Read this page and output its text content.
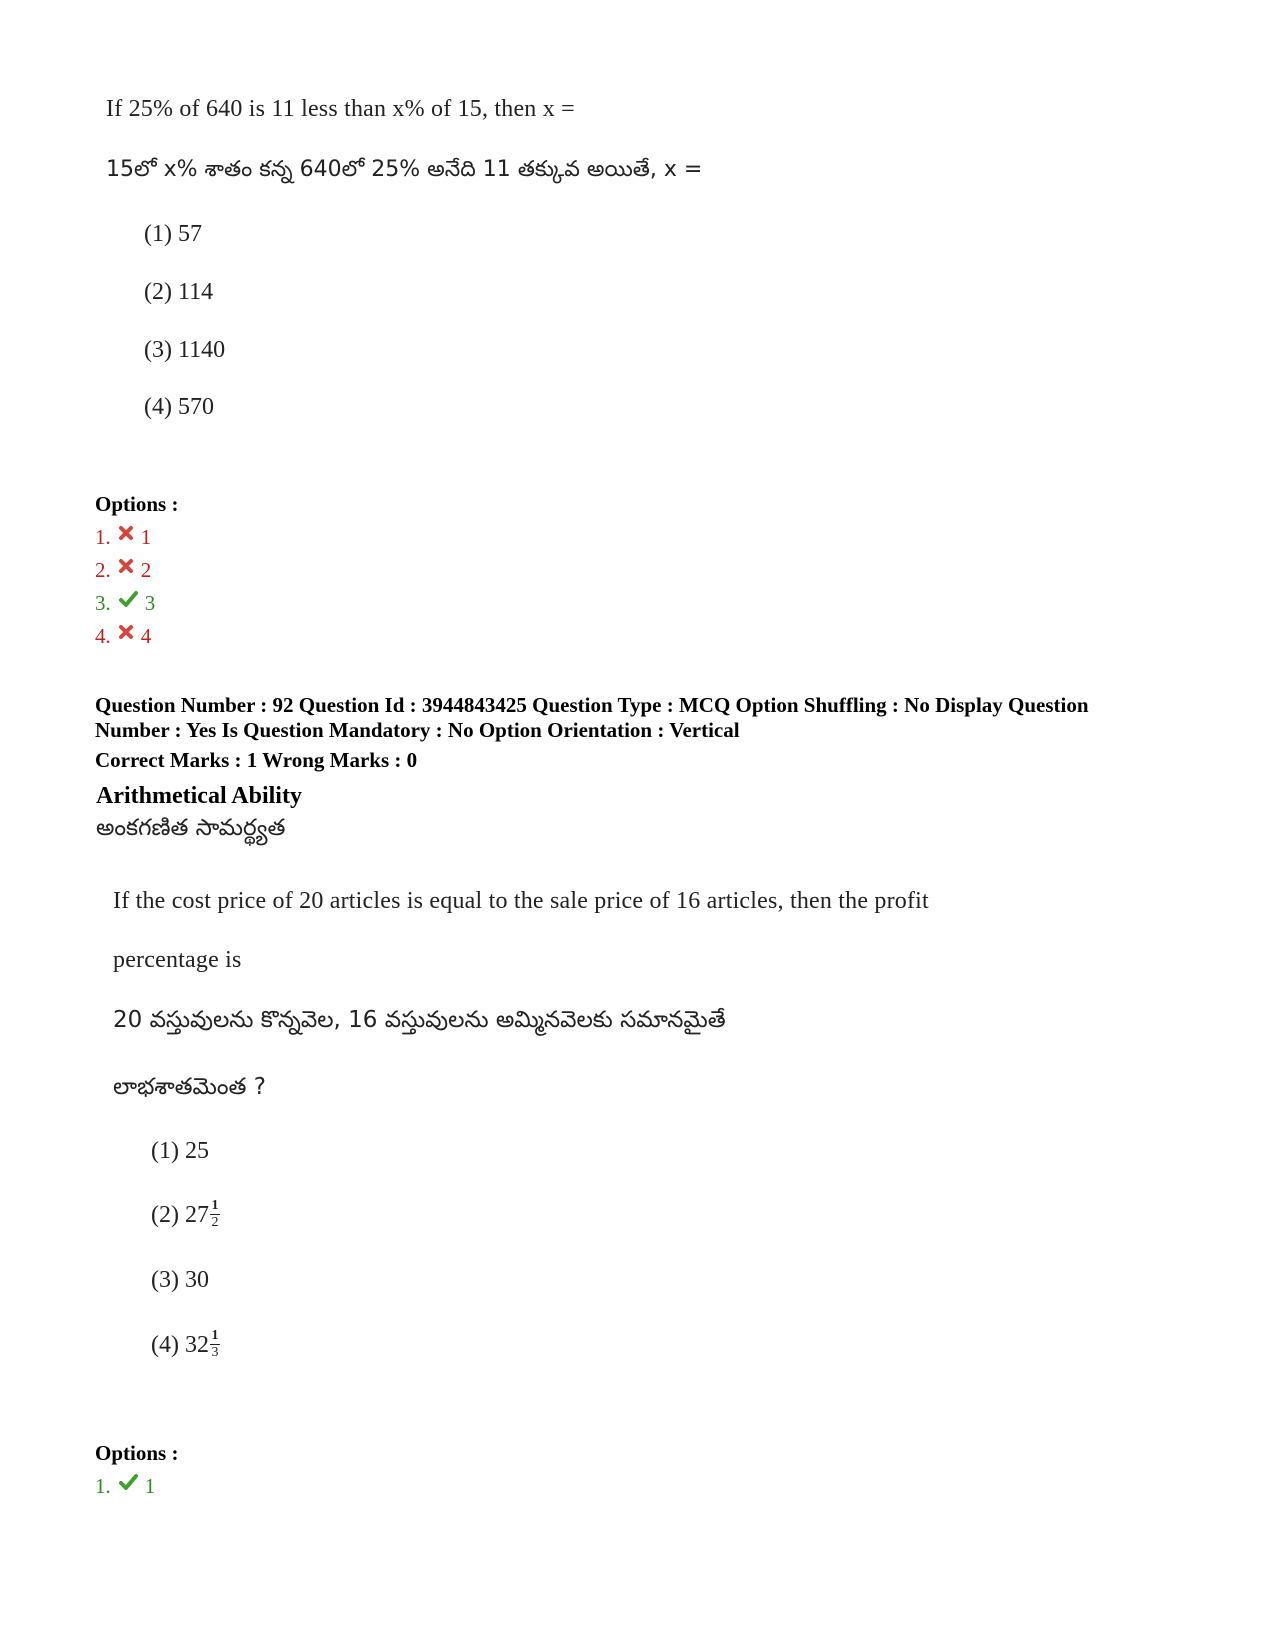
If 25% of 640 is 11 less than x% of 15, then x =
15లో x% శాతం కన్న 640లో 25% అనేది 11 తక్కువ అయితే, x =
(1) 57
(2) 114
(3) 1140
(4) 570
Options :
1. 1
2. 2
3. 3
4. 4
Question Number : 92 Question Id : 3944843425 Question Type : MCQ Option Shuffling : No Display Question
Number : Yes Is Question Mandatory : No Option Orientation : Vertical
Correct Marks : 1 Wrong Marks : 0
Arithmetical Ability
అంకగణిత సామర్థ్యత
If the cost price of 20 articles is equal to the sale price of 16 articles, then the profit
percentage is
20 వస్తువులను కొన్నవెల, 16 వస్తువులను అమ్మినవెలకు సమానమైతే
లాభశాతమెంత ?
(1) 25
(2) $27 \frac{1}{2}$
(3) 30
(4) $32 \frac{1}{3}$
Options :
1. 1
